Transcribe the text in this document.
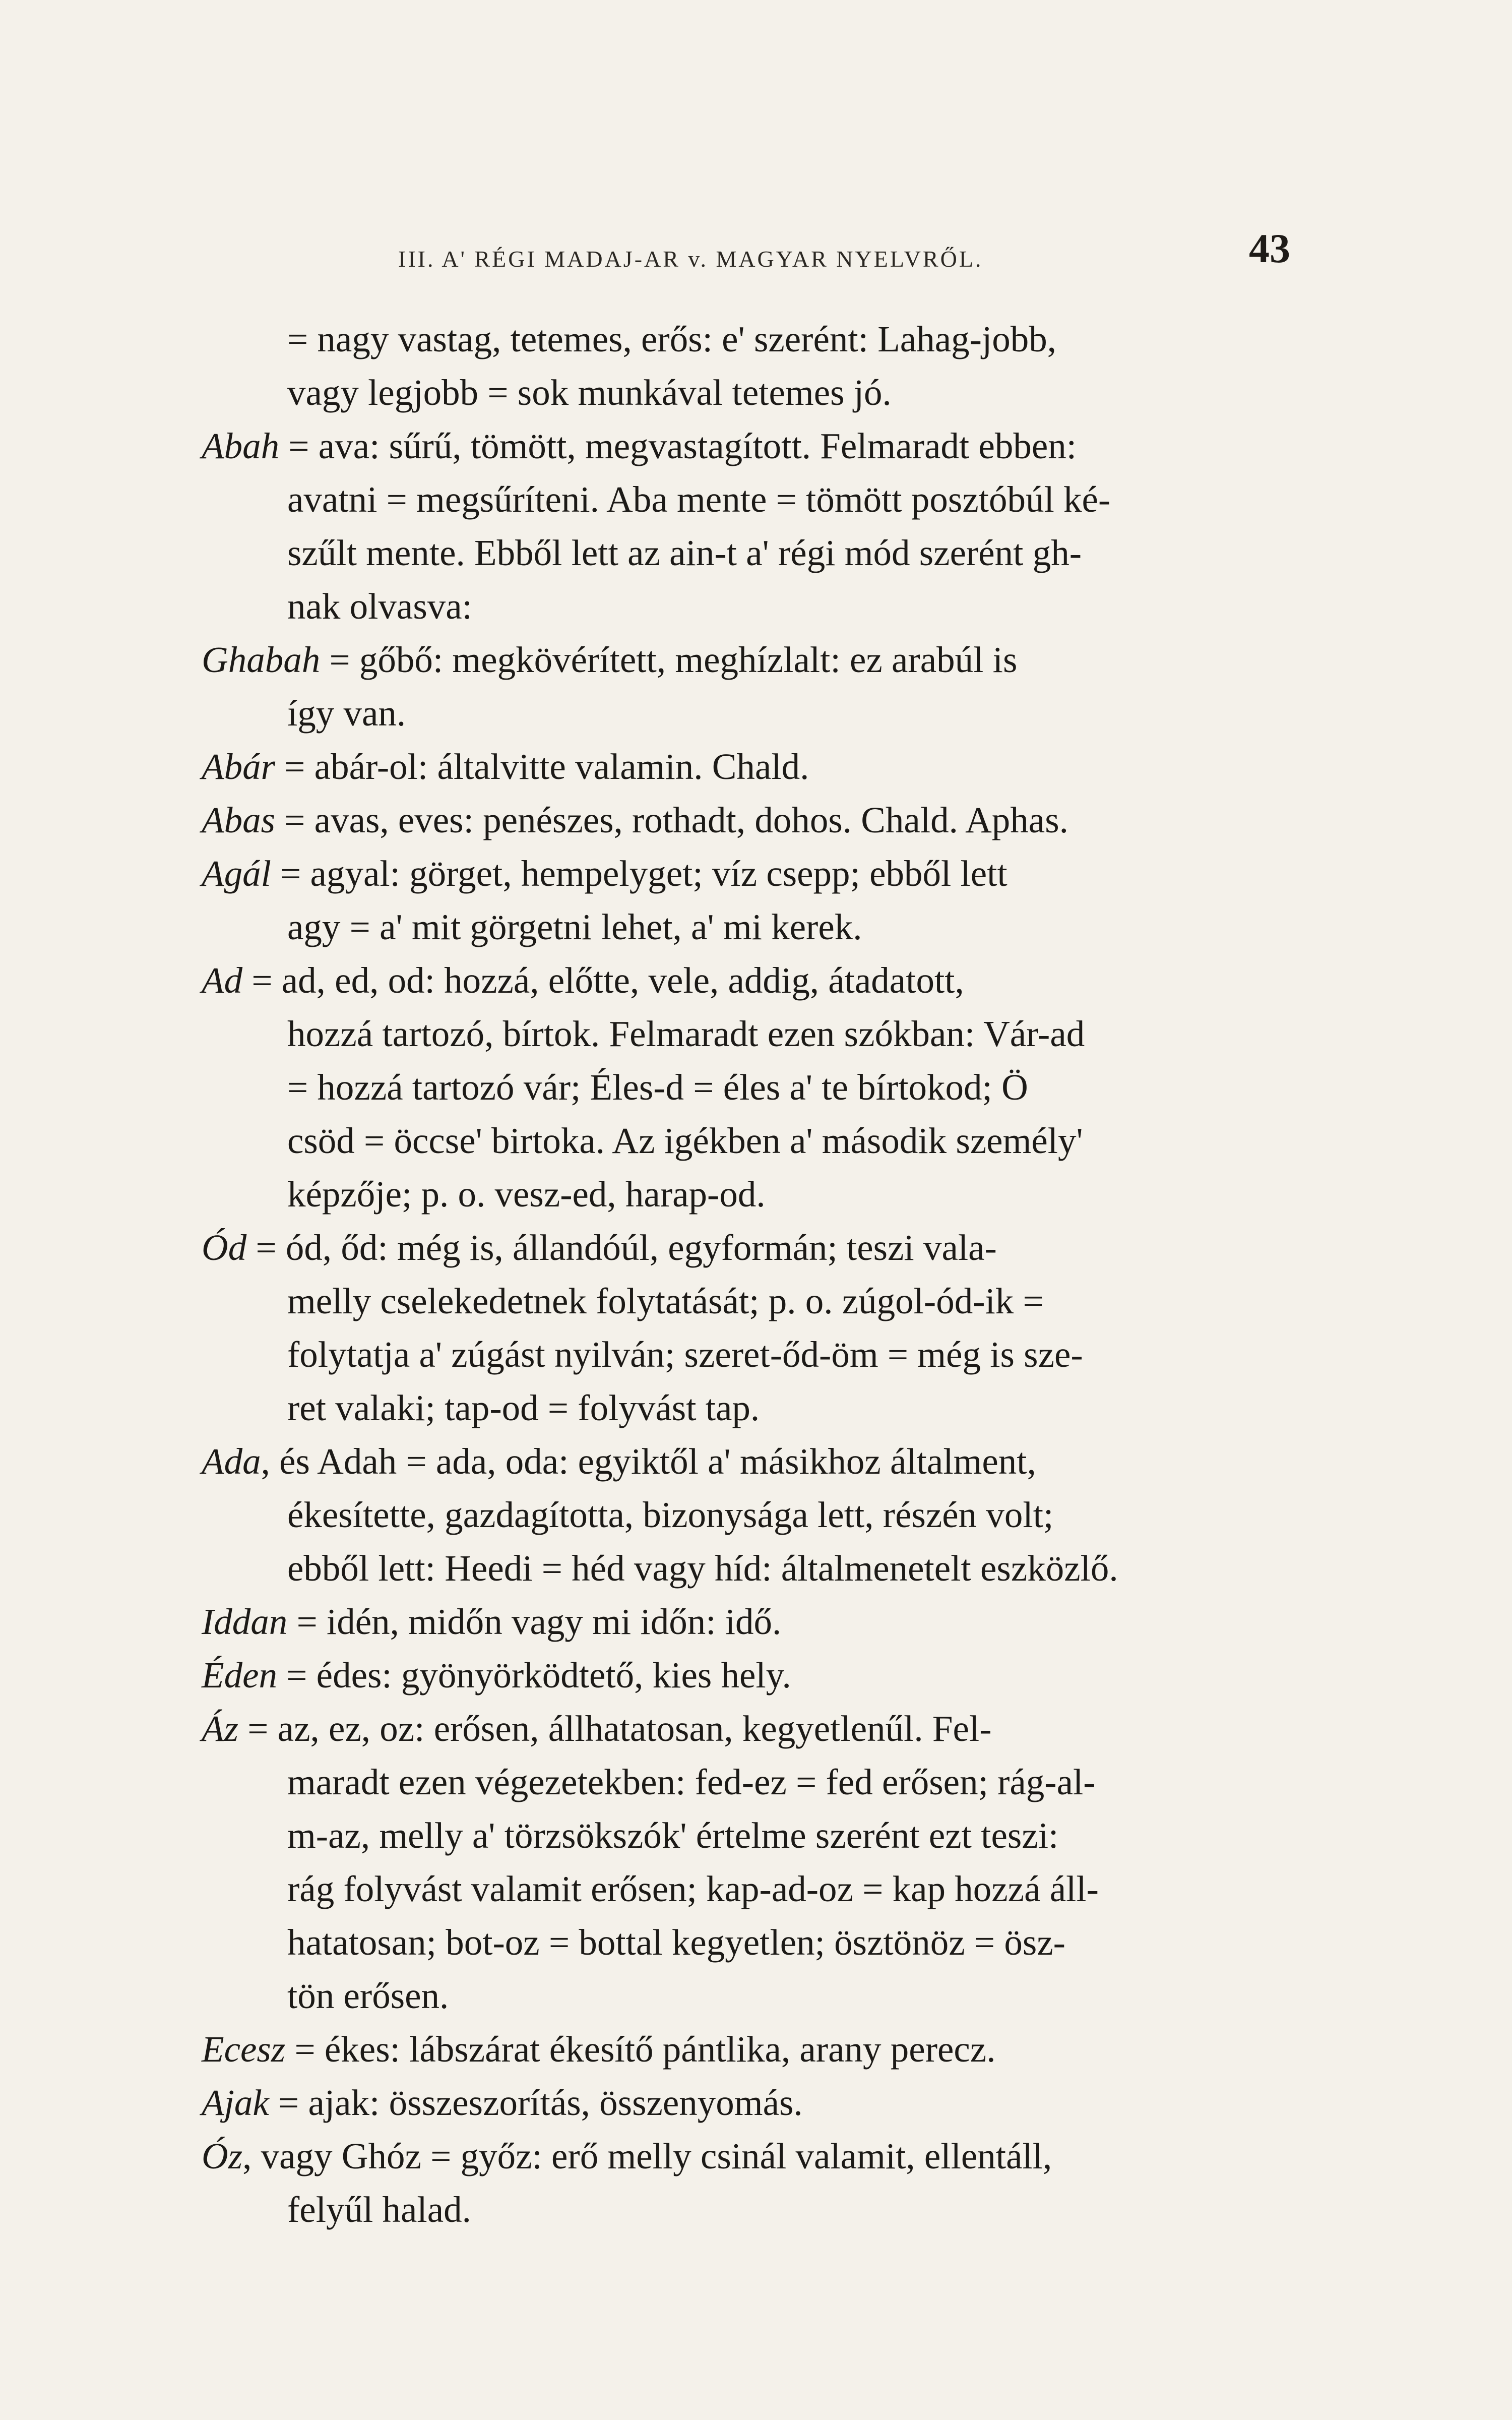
III. A' RÉGI MADAJ-AR v. MAGYAR NYELVRŐL.	43
= nagy vastag, tetemes, erős: e' szerént: Lahag-jobb,
vagy legjobb = sok munkával tetemes jó.
Abah = ava: sűrű, tömött, megvastagított. Felmaradt ebben:
avatni = megsűríteni. Aba mente = tömött posztóbúl ké-
szűlt mente. Ebből lett az ain-t a' régi mód szerént gh-
nak olvasva:
Ghabah = gőbő: megkövérített, meghízlalt: ez arabúl is
így van.
Abár = abár-ol: általvitte valamin. Chald.
Abas = avas, eves: penészes, rothadt, dohos. Chald. Aphas.
Agál = agyal: görget, hempelyget; víz csepp; ebből lett
agy = a' mit görgetni lehet, a' mi kerek.
Ad = ad, ed, od: hozzá, előtte, vele, addig, átadatott,
hozzá tartozó, bírtok. Felmaradt ezen szókban: Vár-ad
= hozzá tartozó vár; Éles-d = éles a' te bírtokod; Ö
csöd = öccse' birtoka. Az igékben a' második személy'
képzője; p. o. vesz-ed, harap-od.
Ód = ód, őd: még is, állandóúl, egyformán; teszi vala-
melly cselekedetnek folytatását; p. o. zúgol-ód-ik =
folytatja a' zúgást nyilván; szeret-őd-öm = még is sze-
ret valaki; tap-od = folyvást tap.
Ada, és Adah = ada, oda: egyiktől a' másikhoz általment,
ékesítette, gazdagította, bizonysága lett, részén volt;
ebből lett: Heedi = héd vagy híd: általmenetelt eszközlő.
Iddan = idén, midőn vagy mi időn: idő.
Éden = édes: gyönyörködtető, kies hely.
Áz = az, ez, oz: erősen, állhatatosan, kegyetlenűl. Fel-
maradt ezen végezetekben: fed-ez = fed erősen; rág-al-
m-az, melly a' törzsökszók' értelme szerént ezt teszi:
rág folyvást valamit erősen; kap-ad-oz = kap hozzá áll-
hatatosan; bot-oz = bottal kegyetlen; ösztönöz = ösz-
tön erősen.
Ecesz = ékes: lábszárat ékesítő pántlika, arany perecz.
Ajak = ajak: összeszorítás, összenyomás.
Óz, vagy Ghóz = győz: erő melly csinál valamit, ellentáll,
felyűl halad.
